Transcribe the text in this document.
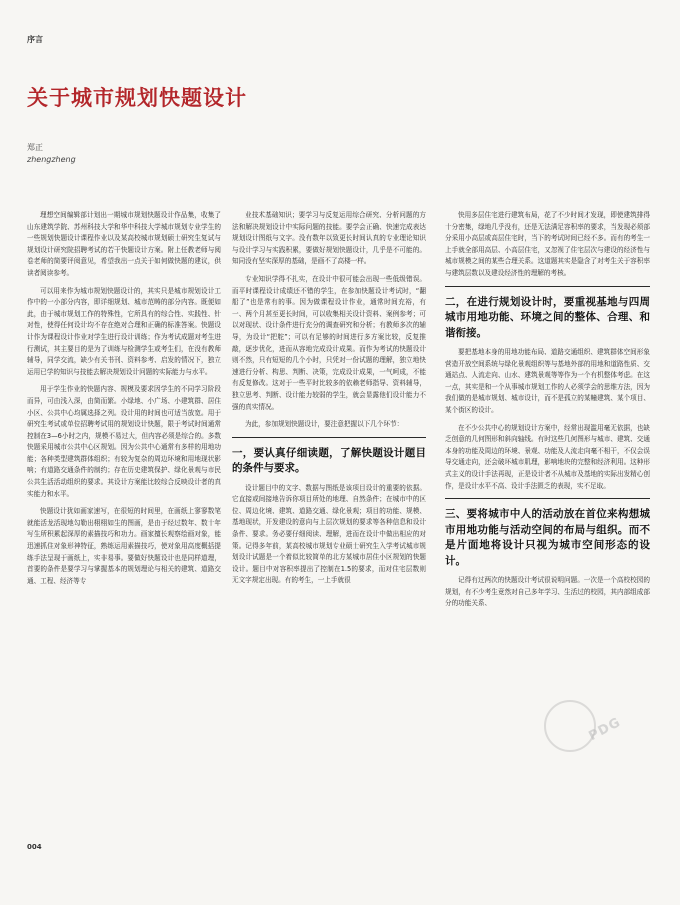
序言
关于城市规划快题设计
郑正
zhengzheng

理想空间编辑部计划出一期城市规划快题设计作品集，收集了山东建筑学院、苏州科技大学和华中科技大学城市规划专业学生的一些规划快题设计课程作业以及某高校城市规划硕士研究生复试与规划设计研究院招聘考试的若干快题设计方案。附上任教老师与阅卷老师的简要评阅意见，希望我出一点关于如何做快题的建议，供读者阅读参考。

可以用来作为城市规划快题设计的，其实只是城市规划设计工作中的一小部分内容，即详细规划、城市范畴的部分内容。既便如此，由于城市规划工作的特殊性，它所具有的综合性、实践性、针对性，使得任何设计均不存在绝对合理和正确的标准答案。快题设计作为课程设计作业对学生进行设计训练；作为考试成题对考生进行测试，其主要目的是为了训练与检测学生或考生们，在没有教师辅导，同学交流，缺少有关书刊、资料参考、启发的情况下，独立运用已学的知识与技能去解决规划设计问题的实际能力与水平。

用于学生作业的快题内容、规模及要求因学生的不同学习阶段而异，可由浅入深，由简而繁。小绿地、小广场、小建筑群、居住小区、公共中心均属选择之列。设计用的时间也可适当放宽。用于研究生考试或单位招聘考试用的规划设计快题，限于考试时间通常控制在3—6小时之内，规模不易过大，但内容必须是综合的。多数快题采用城市公共中心区规划。因为公共中心通常有多样的用地功能；各种类型建筑群体组织；有较为复杂的周边环境和用地现状影响；有道路交通条件的制约；存在历史建筑保护、绿化景观与市民公共生活活动组织的要求。其设计方案能比较综合反映设计者的真实能力和水平。

快题设计犹如画家速写，在很短的时间里，在画纸上寥寥数笔就能活龙活现地勾勒出栩栩如生的图画，是由于经过数年、数十年写生所积累起深厚的素描技巧和功力。画家擅长观察绘画对象，能迅速抓住对象形神特征，熟练运用素描技巧，使对象用高度概括提练手法呈现于画纸上，实非易事。要做好快题设计也是同样道理，首要的条件是要学习与掌握基本的规划理论与相关的建筑、道路交通、工程、经济等专

业技术基础知识；要学习与反复运用综合研究、分析问题的方法和解决规划设计中实际问题的技能。要学会正确、快速完成表达规划设计图纸与文字。没有数年以致更长时间认真的专业理论知识与设计学习与实践积累，要做好规划快题设计，几乎是不可能的。知同没有坚实深厚的基础，是画不了高楼一样。

专业知识学得不扎实，在设计中很可能会出现一些低级错误。而平时课程设计成绩还不错的学生，在参加快题设计考试时，“翻船了”也是常有的事。因为做课程设计作业，通常时间充裕，有一、两个月甚至更长时间，可以收集相关设计资料、案例参考；可以对现状、设计条件进行充分的调查研究和分析；有教师多次的辅导，为设计“把舵”；可以有足够的时间进行多方案比较，反复推敲，逐步优化，进而从容地完成设计成果。而作为考试的快题设计则不然，只有短短的几个小时，只凭对一份试题的理解，独立地快速进行分析、构思、判断、决策，完成设计成果，一气呵成，不能有反复修改。这对于一些平时比较多的依赖老师指导、资料辅导，独立思考、判断、设计能力较弱的学生，就会显露他们设计能力不强的真实情况。

为此，参加规划快题设计，要注意把握以下几个环节：

一，要认真仔细读题，了解快题设计题目的条件与要求。

设计题目中的文字、数据与图纸是该项目设计的重要的依据。它直接或间接地告诉你项目所处的地理、自然条件；在城市中的区位、周边化境、建筑、道路交通、绿化景观；项目的功能、规模、基地现状，开发建设的意向与上层次规划的要求等各种信息和设计条件、要求。务必要仔细阅读、理解，进而在设计中做出相应的对策。记得多年前，某高校城市规划专业硕士研究生入学考试城市规划设计试题是一个着似比较简单的北方某城市居住小区规划的快题设计。题目中对容积率提出了控制在1.5的要求，而对住宅层数则无文字规定出现。有的考生，一上手就很

快用多层住宅进行建筑布局，花了不少时间才发现，即使建筑排得十分密集，绿地几乎没有，还是无法满足容积率的要求，当发现必须部分采用小高层或高层住宅时，当下的考试时间已经不多。而有的考生一上手就全部用高层、小高层住宅，又忽视了住宅层次与建设的经济性与城市规模之间的某些合理关系。这道题其实是隐含了对考生关于容积率与建筑层数以及建设经济性的理解的考核。

二，在进行规划设计时，要重视基地与四周城市用地功能、环境之间的整体、合理、和谐衔接。

要把基地本身的用地功能布局、道路交通组织、建筑群体空间形象营造开放空间系统与绿化景观组织等与基地外部的用地和道路性质、交通站点、人流走向、山水、建筑景观等等作为一个有机整体考虑。在这一点，其实是和一个从事城市规划工作的人必须学会的思维方法，因为我们做的是城市规划、城市设计，而不是孤立的某幢建筑、某个项目、某个街区的设计。

在不少公共中心的规划设计方案中，经常出现滥用毫无依据，也缺乏创意的几何图形和斜向轴线。有时这些几何图形与城市、建筑、交通本身的功能及周边的环境、景观、功能及人流走向毫不相干，不仅会误导交通走向，还会破坏城市肌理，影响地块的完整和经济利用。这种形式主义的设计手法再现，正是设计者不从城市及基地的实际出发精心创作，是设计水平不高、设计手法匮乏的表现，实不足取。

三、要将城市中人的活动放在首位来构想城市用地功能与活动空间的布局与组织。而不是片面地将设计只视为城市空间形态的设计。

记得有过两次的快题设计考试很说明问题。一次是一个高校校园的规划，有不少考生竟然对自己多年学习、生活过的校园，其内部组成部分的功能关系、

PDG
004
